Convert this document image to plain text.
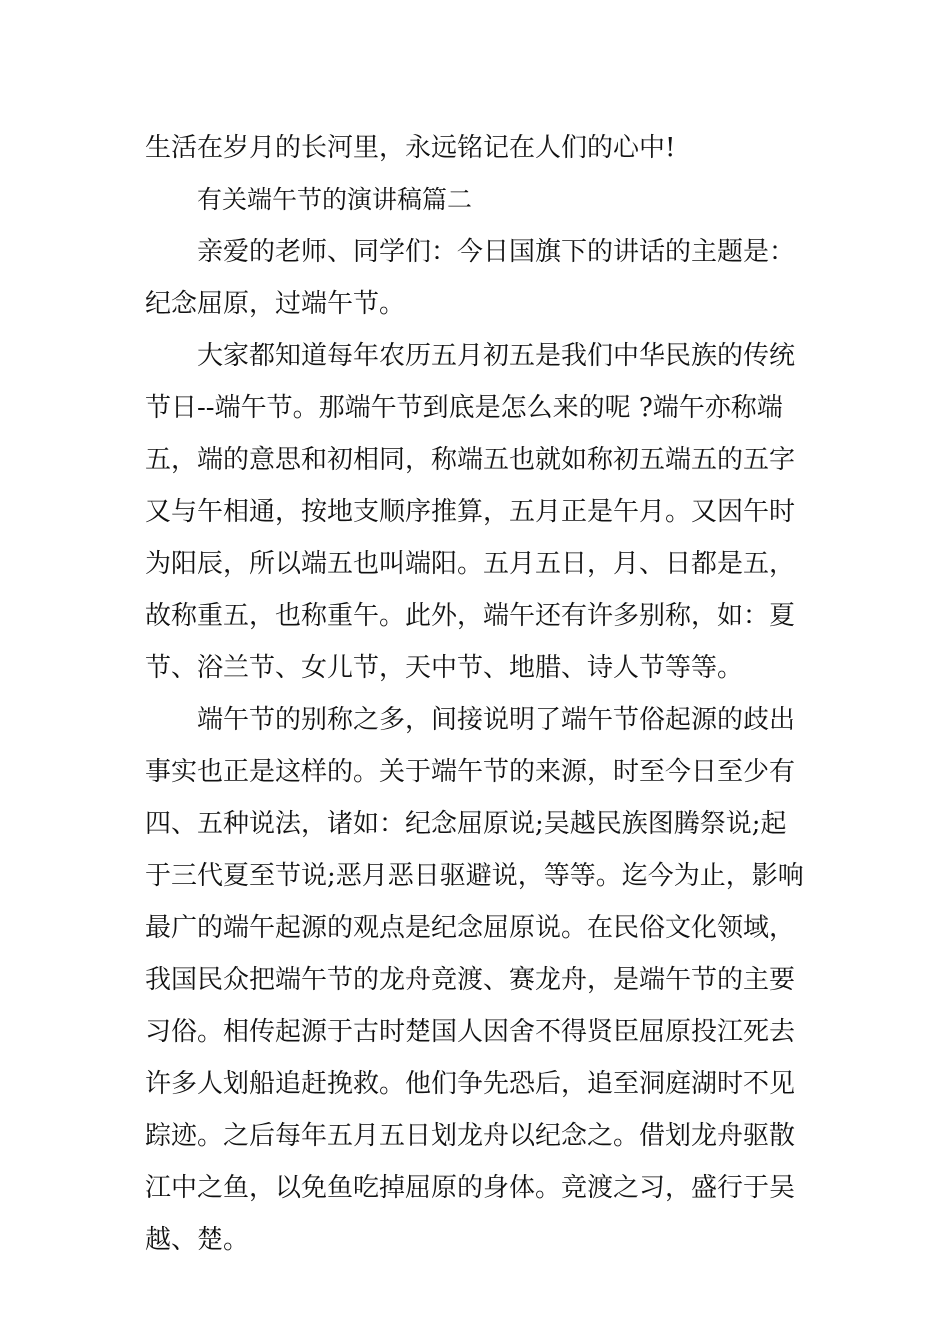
生活在岁月的长河里，永远铭记在人们的心中!
有关端午节的演讲稿篇二
亲爱的老师、同学们：今日国旗下的讲话的主题是：
纪念屈原，过端午节。
大家都知道每年农历五月初五是我们中华民族的传统
节日--端午节。那端午节到底是怎么来的呢 ?端午亦称端
五，端的意思和初相同，称端五也就如称初五端五的五字
又与午相通，按地支顺序推算，五月正是午月。又因午时
为阳辰，所以端五也叫端阳。五月五日，月、日都是五，
故称重五，也称重午。此外，端午还有许多别称，如：夏
节、浴兰节、女儿节，天中节、地腊、诗人节等等。
端午节的别称之多，间接说明了端午节俗起源的歧出
事实也正是这样的。关于端午节的来源，时至今日至少有
四、五种说法，诸如：纪念屈原说;吴越民族图腾祭说;起
于三代夏至节说;恶月恶日驱避说，等等。迄今为止，影响
最广的端午起源的观点是纪念屈原说。在民俗文化领域，
我国民众把端午节的龙舟竞渡、赛龙舟，是端午节的主要
习俗。相传起源于古时楚国人因舍不得贤臣屈原投江死去
许多人划船追赶挽救。他们争先恐后，追至洞庭湖时不见
踪迹。之后每年五月五日划龙舟以纪念之。借划龙舟驱散
江中之鱼，以免鱼吃掉屈原的身体。竞渡之习，盛行于吴
越、楚。
